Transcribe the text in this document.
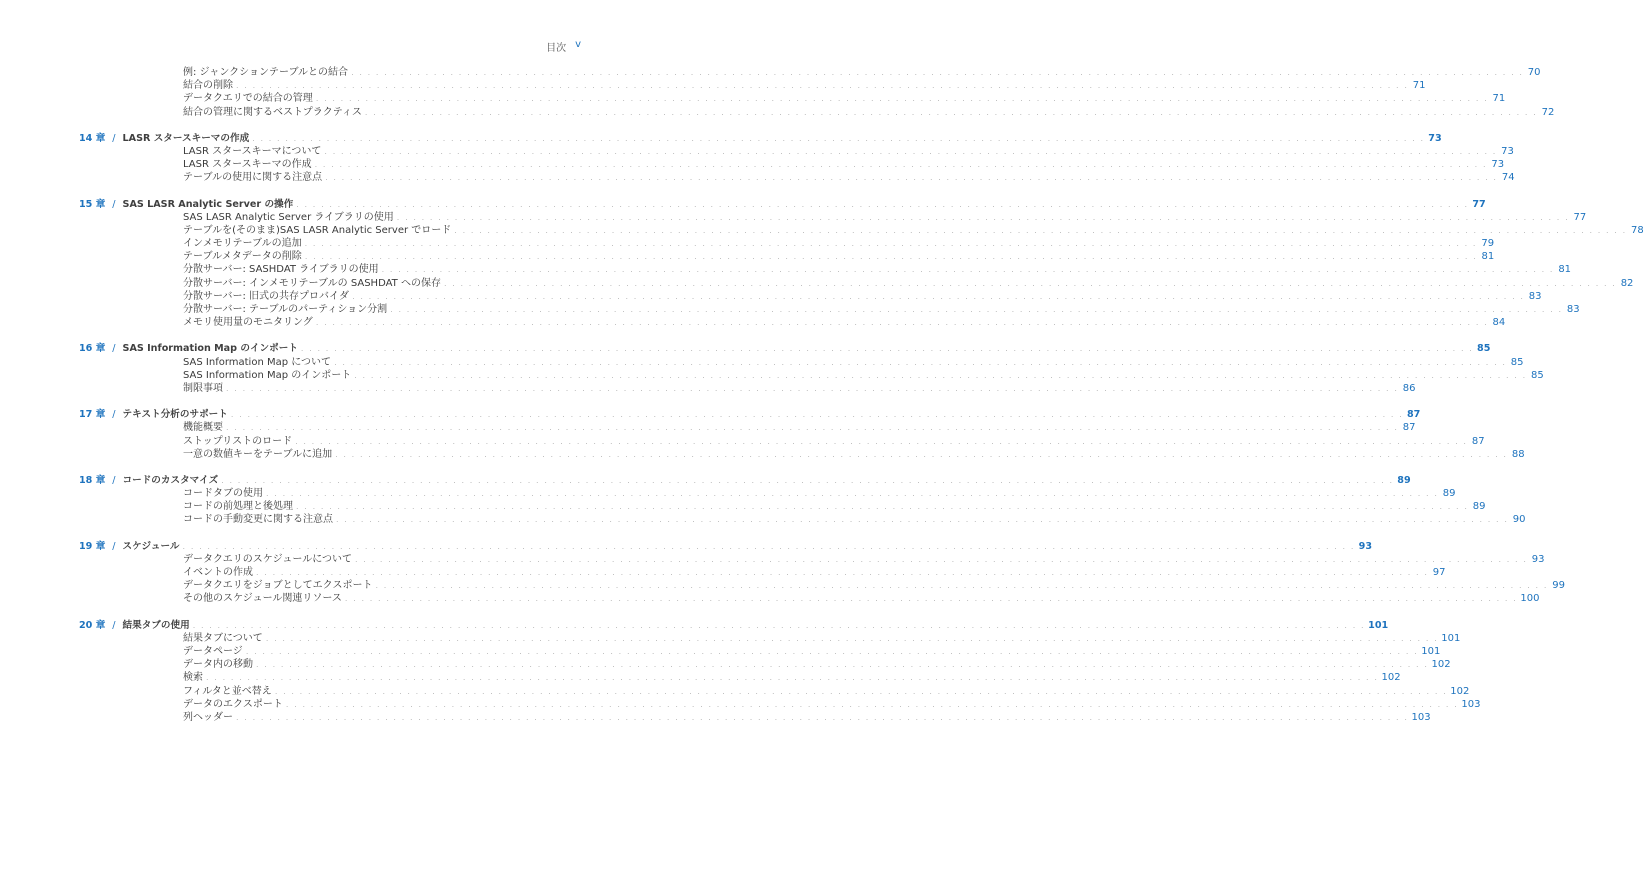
目次 v
例: ジャンクションテーブルとの結合 . . .	70
結合の削除 . . .	71
データクエリでの結合の管理 . . .	71
結合の管理に関するベストプラクティス . . .	72
14 章 / LASR スタースキーマの作成 . . .	73
LASR スタースキーマについて . . .	73
LASR スタースキーマの作成 . . .	73
テーブルの使用に関する注意点 . . .	74
15 章 / SAS LASR Analytic Server の操作 . . .	77
SAS LASR Analytic Server ライブラリの使用 . . .	77
テーブルを(そのまま)SAS LASR Analytic Server でロード . . .	78
インメモリテーブルの追加 . . .	79
テーブルメタデータの削除 . . .	81
分散サーバー: SASHDAT ライブラリの使用 . . .	81
分散サーバー: インメモリテーブルの SASHDAT への保存 . . .	82
分散サーバー: 旧式の共存プロバイダ . . .	83
分散サーバー: テーブルのパーティション分割 . . .	83
メモリ使用量のモニタリング . . .	84
16 章 / SAS Information Map のインポート . . .	85
SAS Information Map について . . .	85
SAS Information Map のインポート . . .	85
制限事項 . . .	86
17 章 / テキスト分析のサポート . . .	87
機能概要 . . .	87
ストップリストのロード . . .	87
一意の数値キーをテーブルに追加 . . .	88
18 章 / コードのカスタマイズ . . .	89
コードタブの使用 . . .	89
コードの前処理と後処理 . . .	89
コードの手動変更に関する注意点 . . .	90
19 章 / スケジュール . . .	93
データクエリのスケジュールについて . . .	93
イベントの作成 . . .	97
データクエリをジョブとしてエクスポート . . .	99
その他のスケジュール関連リソース . . .	100
20 章 / 結果タブの使用 . . .	101
結果タブについて . . .	101
データページ . . .	101
データ内の移動 . . .	102
検索 . . .	102
フィルタと並べ替え . . .	102
データのエクスポート . . .	103
列ヘッダー . . .	103
